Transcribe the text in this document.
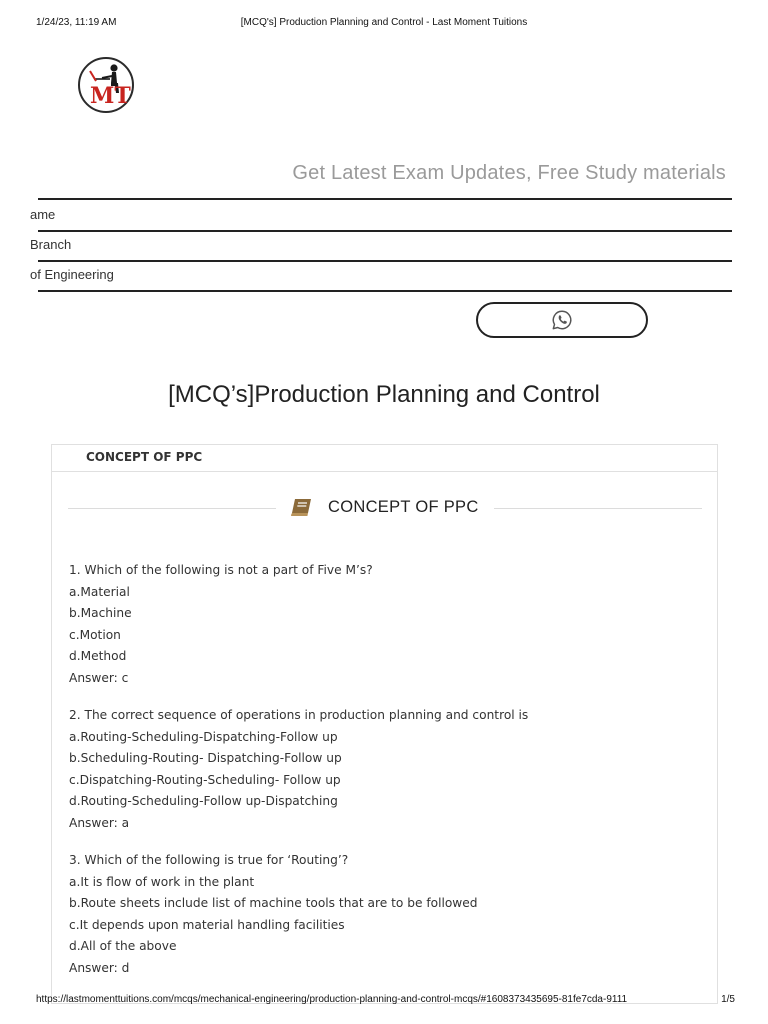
1/24/23, 11:19 AM	[MCQ's] Production Planning and Control - Last Moment Tuitions
MT
Get Latest Exam Updates, Free Study materials
ame
Branch
of Engineering
[MCQ’s]Production Planning and Control
CONCEPT OF PPC
CONCEPT OF PPC
1. Which of the following is not a part of Five M’s?
a.Material
b.Machine
c.Motion
d.Method
Answer: c
2. The correct sequence of operations in production planning and control is
a.Routing-Scheduling-Dispatching-Follow up
b.Scheduling-Routing- Dispatching-Follow up
c.Dispatching-Routing-Scheduling- Follow up
d.Routing-Scheduling-Follow up-Dispatching
Answer: a
3. Which of the following is true for ‘Routing’?
a.It is flow of work in the plant
b.Route sheets include list of machine tools that are to be followed
c.It depends upon material handling facilities
d.All of the above
Answer: d
https://lastmomenttuitions.com/mcqs/mechanical-engineering/production-planning-and-control-mcqs/#1608373435695-81fe7cda-9111	1/5
